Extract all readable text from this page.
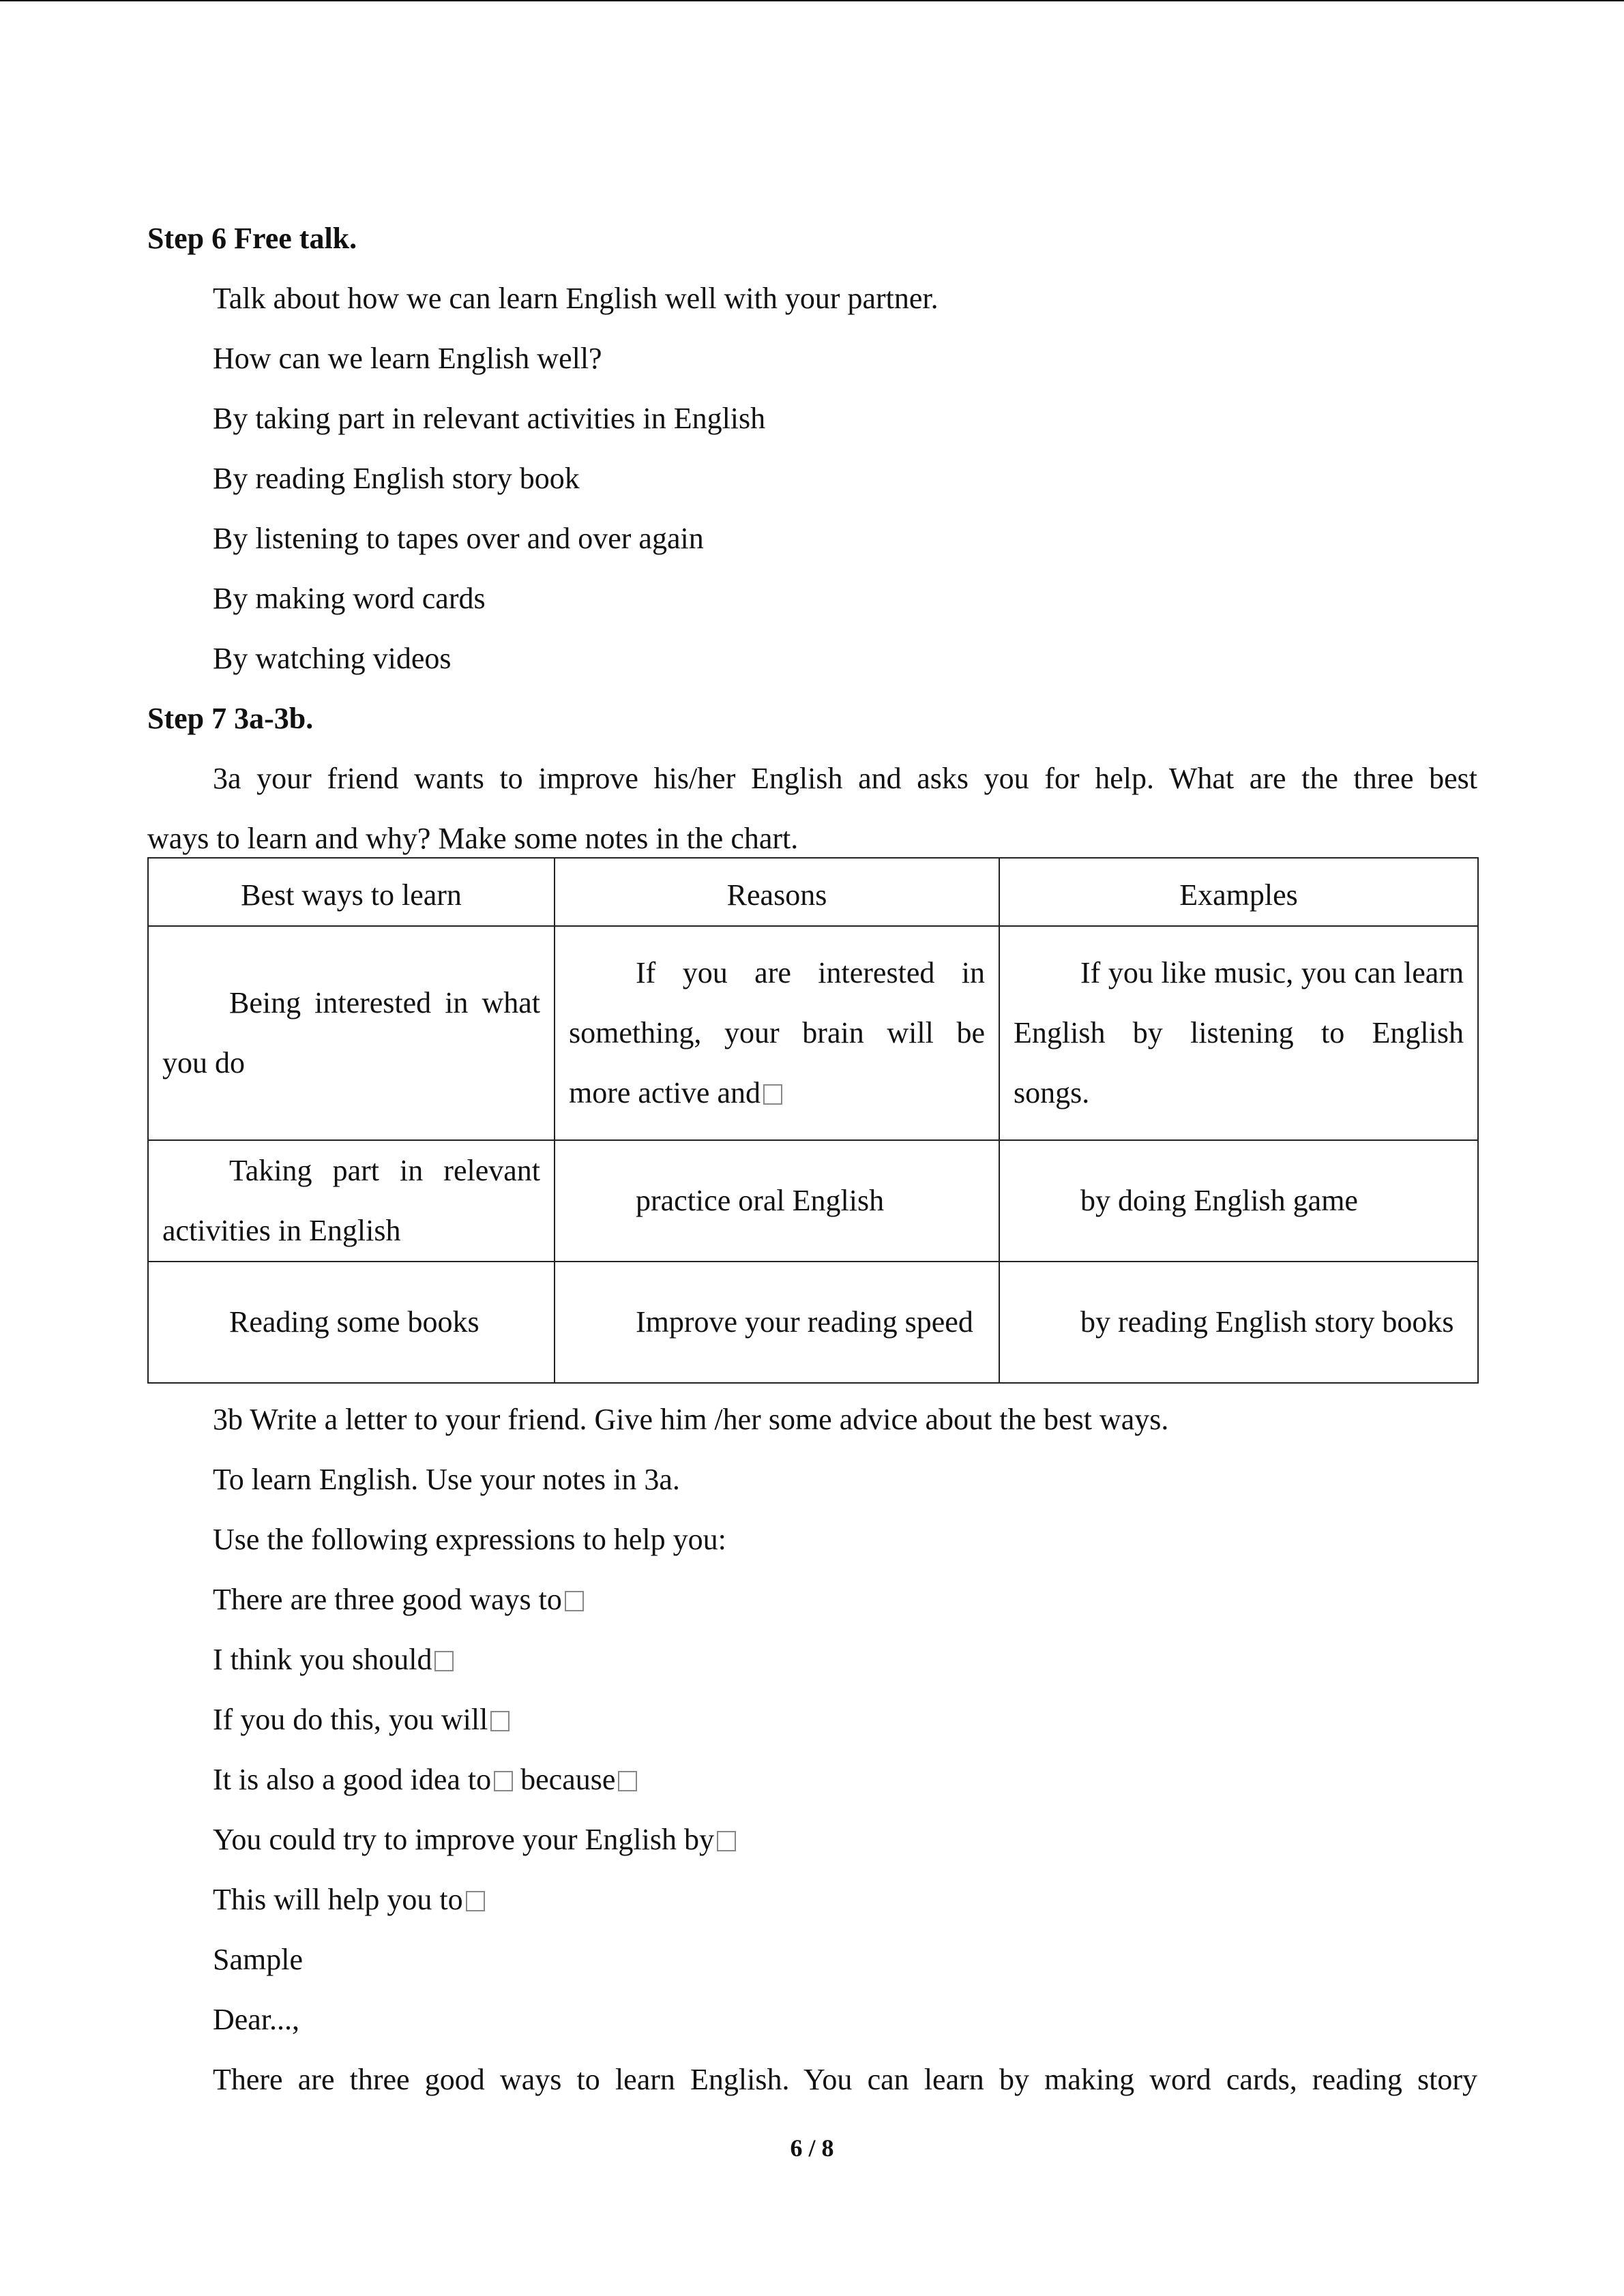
Step 6 Free talk.

Talk about how we can learn English well with your partner.

How can we learn English well?

By taking part in relevant activities in English

By reading English story book

By listening to tapes over and over again

By making word cards

By watching videos

Step 7 3a-3b.

3a your friend wants to improve his/her English and asks you for help. What are the three best

ways to learn and why? Make some notes in the chart.

Best ways to learn	Reasons	Examples
Being interested in what you do	If you are interested in something, your brain will be more active and	If you like music, you can learn English by listening to English songs.
Taking part in relevant activities in English	practice oral English	by doing English game
Reading some books	Improve your reading speed	by reading English story books

3b Write a letter to your friend. Give him /her some advice about the best ways.

To learn English. Use your notes in 3a.

Use the following expressions to help you:

There are three good ways to

I think you should

If you do this, you will

It is also a good idea to because

You could try to improve your English by

This will help you to

Sample

Dear...,

There are three good ways to learn English. You can learn by making word cards, reading story

6 / 8
